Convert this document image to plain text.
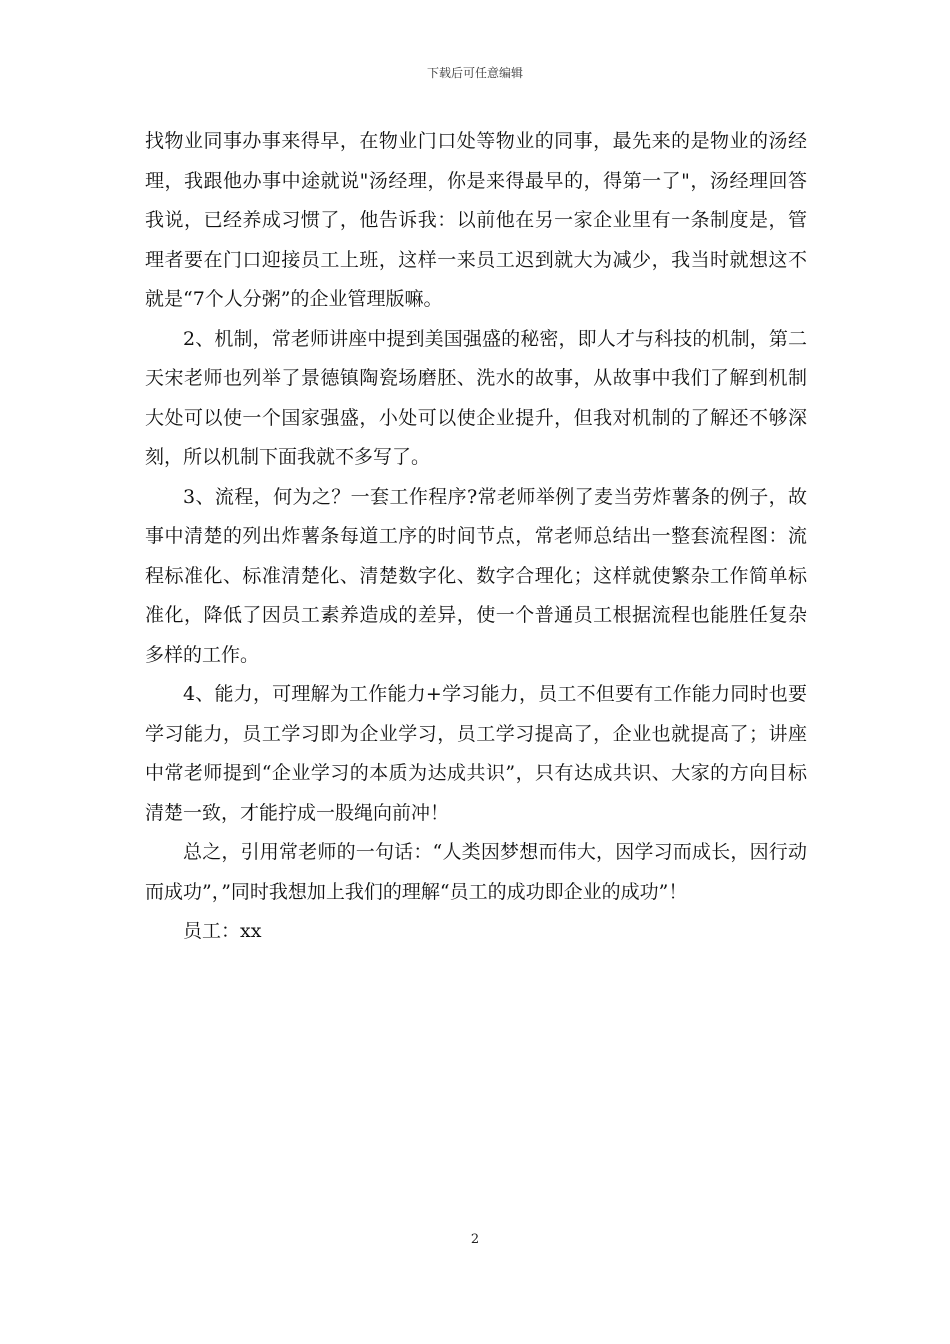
下载后可任意编辑

找物业同事办事来得早，在物业门口处等物业的同事，最先来的是物业的汤经理，我跟他办事中途就说"汤经理，你是来得最早的，得第一了"，汤经理回答我说，已经养成习惯了，他告诉我：以前他在另一家企业里有一条制度是，管理者要在门口迎接员工上班，这样一来员工迟到就大为减少，我当时就想这不就是“7个人分粥”的企业管理版嘛。

2、机制，常老师讲座中提到美国强盛的秘密，即人才与科技的机制，第二天宋老师也列举了景德镇陶瓷场磨胚、洗水的故事，从故事中我们了解到机制大处可以使一个国家强盛，小处可以使企业提升，但我对机制的了解还不够深刻，所以机制下面我就不多写了。

3、流程，何为之？一套工作程序?常老师举例了麦当劳炸薯条的例子，故事中清楚的列出炸薯条每道工序的时间节点，常老师总结出一整套流程图：流程标准化、标准清楚化、清楚数字化、数字合理化；这样就使繁杂工作简单标准化，降低了因员工素养造成的差异，使一个普通员工根据流程也能胜任复杂多样的工作。

4、能力，可理解为工作能力+学习能力，员工不但要有工作能力同时也要学习能力，员工学习即为企业学习，员工学习提高了，企业也就提高了；讲座中常老师提到“企业学习的本质为达成共识”，只有达成共识、大家的方向目标清楚一致，才能拧成一股绳向前冲！

总之，引用常老师的一句话：“人类因梦想而伟大，因学习而成长，因行动而成功”，”同时我想加上我们的理解“员工的成功即企业的成功”！

员工：xx

2
